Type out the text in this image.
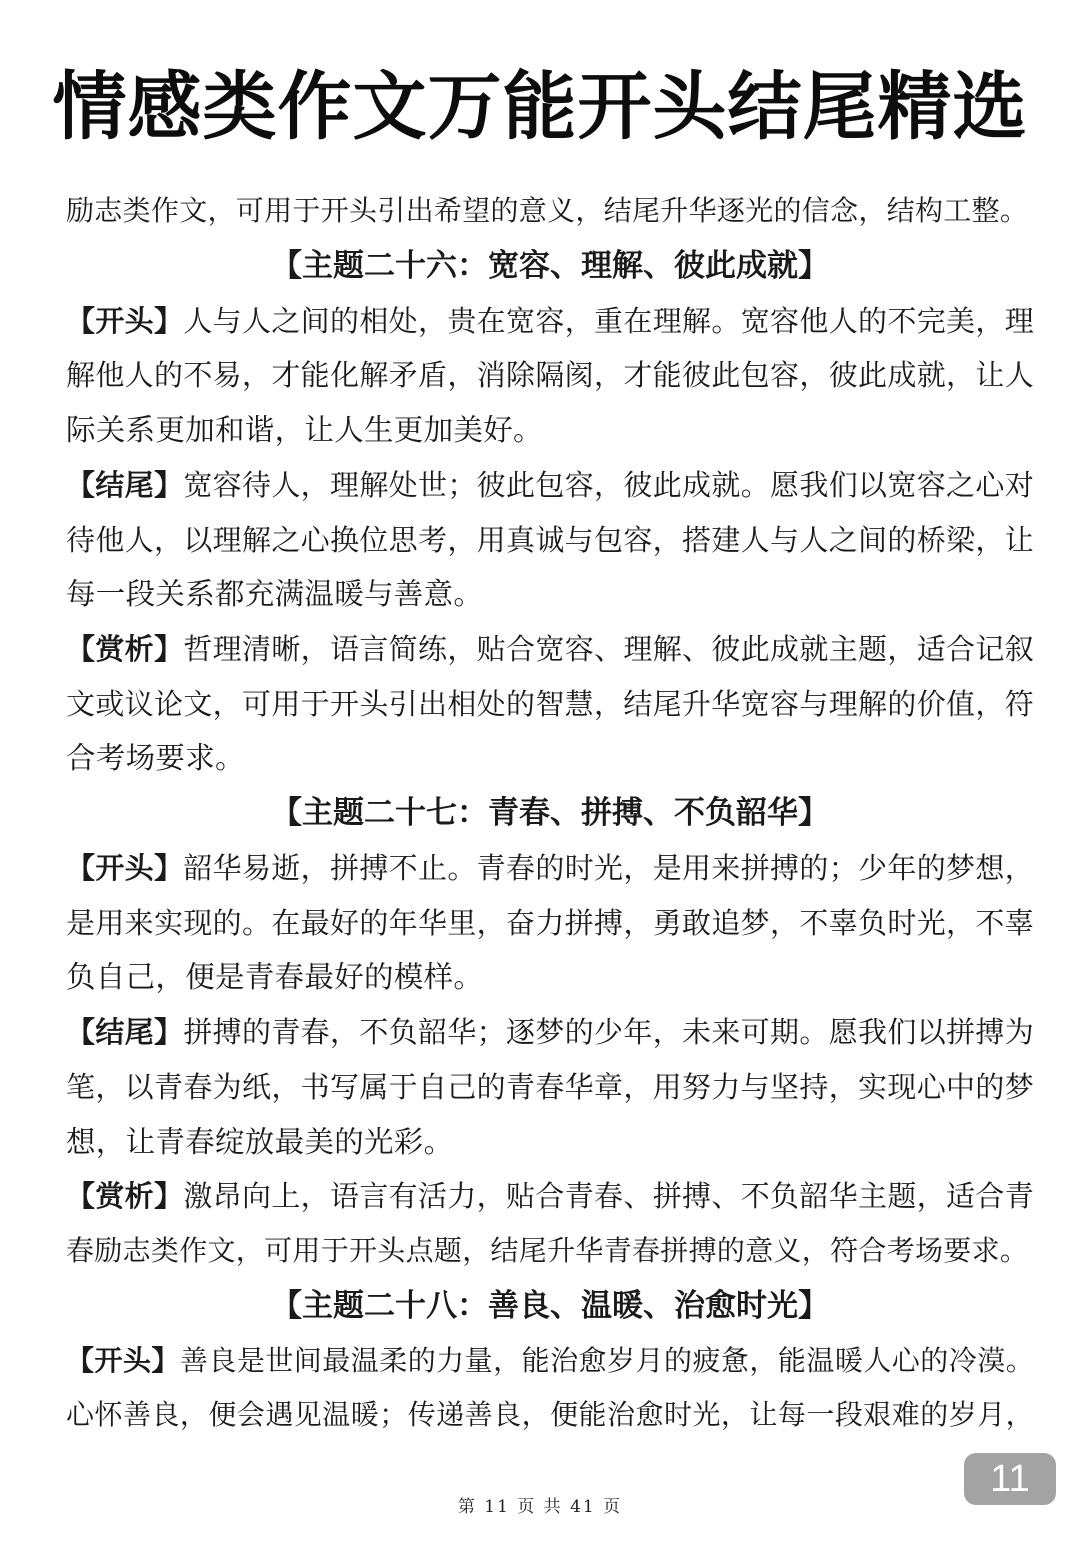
情感类作文万能开头结尾精选
励志类作文，可用于开头引出希望的意义，结尾升华逐光的信念，结构工整。
【主题二十六：宽容、理解、彼此成就】
【开头】人与人之间的相处，贵在宽容，重在理解。宽容他人的不完美，理
解他人的不易，才能化解矛盾，消除隔阂，才能彼此包容，彼此成就，让人
际关系更加和谐，让人生更加美好。
【结尾】宽容待人，理解处世；彼此包容，彼此成就。愿我们以宽容之心对
待他人，以理解之心换位思考，用真诚与包容，搭建人与人之间的桥梁，让
每一段关系都充满温暖与善意。
【赏析】哲理清晰，语言简练，贴合宽容、理解、彼此成就主题，适合记叙
文或议论文，可用于开头引出相处的智慧，结尾升华宽容与理解的价值，符
合考场要求。
【主题二十七：青春、拼搏、不负韶华】
【开头】韶华易逝，拼搏不止。青春的时光，是用来拼搏的；少年的梦想，
是用来实现的。在最好的年华里，奋力拼搏，勇敢追梦，不辜负时光，不辜
负自己，便是青春最好的模样。
【结尾】拼搏的青春，不负韶华；逐梦的少年，未来可期。愿我们以拼搏为
笔，以青春为纸，书写属于自己的青春华章，用努力与坚持，实现心中的梦
想，让青春绽放最美的光彩。
【赏析】激昂向上，语言有活力，贴合青春、拼搏、不负韶华主题，适合青
春励志类作文，可用于开头点题，结尾升华青春拼搏的意义，符合考场要求。
【主题二十八：善良、温暖、治愈时光】
【开头】善良是世间最温柔的力量，能治愈岁月的疲惫，能温暖人心的冷漠。
心怀善良，便会遇见温暖；传递善良，便能治愈时光，让每一段艰难的岁月，
第 11 页 共 41 页
11
